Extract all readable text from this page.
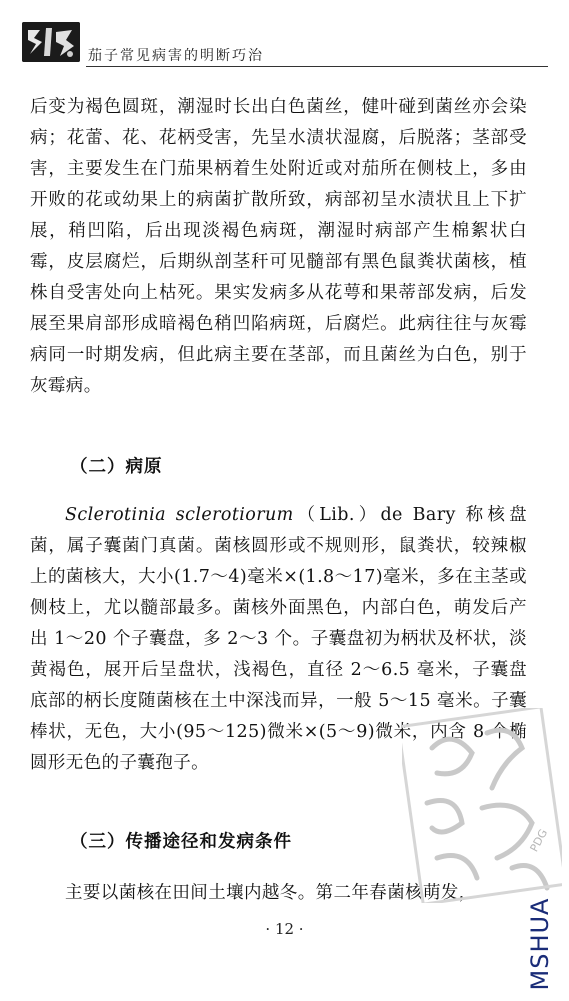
茄子常见病害的明断巧治

后变为褐色圆斑，潮湿时长出白色菌丝，健叶碰到菌丝亦会染病；花蕾、花、花柄受害，先呈水渍状湿腐，后脱落；茎部受害，主要发生在门茄果柄着生处附近或对茄所在侧枝上，多由开败的花或幼果上的病菌扩散所致，病部初呈水渍状且上下扩展，稍凹陷，后出现淡褐色病斑，潮湿时病部产生棉絮状白霉，皮层腐烂，后期纵剖茎秆可见髓部有黑色鼠粪状菌核，植株自受害处向上枯死。果实发病多从花萼和果蒂部发病，后发展至果肩部形成暗褐色稍凹陷病斑，后腐烂。此病往往与灰霉病同一时期发病，但此病主要在茎部，而且菌丝为白色，别于灰霉病。

（二）病原

Sclerotinia sclerotiorum（Lib.）de Bary 称核盘菌，属子囊菌门真菌。菌核圆形或不规则形，鼠粪状，较辣椒上的菌核大，大小(1.7～4)毫米×(1.8～17)毫米，多在主茎或侧枝上，尤以髓部最多。菌核外面黑色，内部白色，萌发后产出 1～20 个子囊盘，多 2～3 个。子囊盘初为柄状及杯状，淡黄褐色，展开后呈盘状，浅褐色，直径 2～6.5 毫米，子囊盘底部的柄长度随菌核在土中深浅而异，一般 5～15 毫米。子囊棒状，无色，大小(95～125)微米×(5～9)微米，内含 8 个椭圆形无色的子囊孢子。

（三）传播途径和发病条件

主要以菌核在田间土壤内越冬。第二年春菌核萌发，

PDG
· 12 ·	MSHUA
